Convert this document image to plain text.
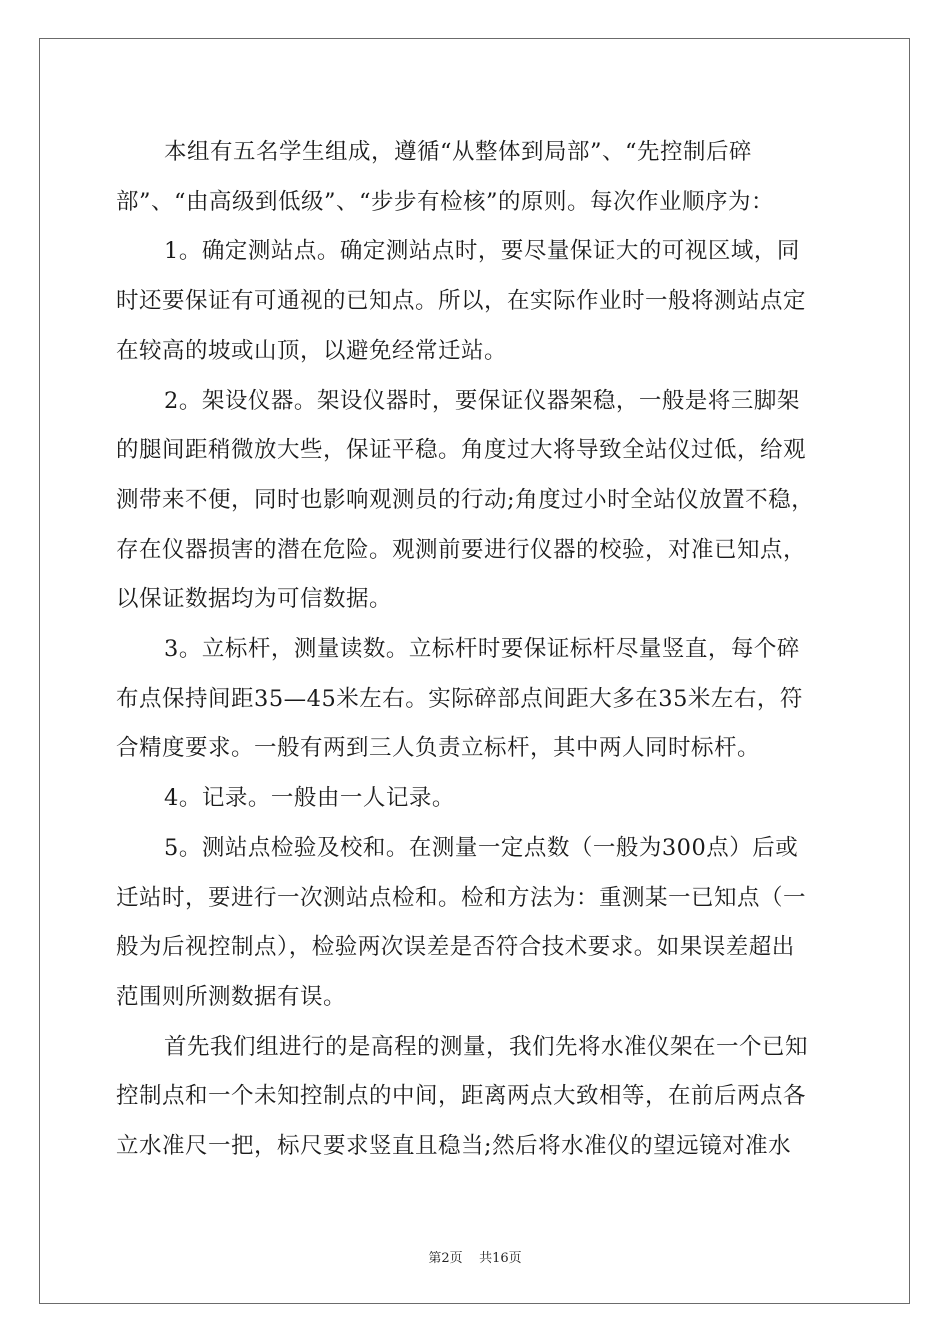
本组有五名学生组成，遵循“从整体到局部”、“先控制后碎
部”、“由高级到低级”、“步步有检核”的原则。每次作业顺序为：

1。确定测站点。确定测站点时，要尽量保证大的可视区域，同
时还要保证有可通视的已知点。所以，在实际作业时一般将测站点定
在较高的坡或山顶，以避免经常迁站。

2。架设仪器。架设仪器时，要保证仪器架稳，一般是将三脚架
的腿间距稍微放大些，保证平稳。角度过大将导致全站仪过低，给观
测带来不便，同时也影响观测员的行动;角度过小时全站仪放置不稳，
存在仪器损害的潜在危险。观测前要进行仪器的校验，对准已知点，
以保证数据均为可信数据。

3。立标杆，测量读数。立标杆时要保证标杆尽量竖直，每个碎
布点保持间距35—45米左右。实际碎部点间距大多在35米左右，符
合精度要求。一般有两到三人负责立标杆，其中两人同时标杆。

4。记录。一般由一人记录。

5。测站点检验及校和。在测量一定点数（一般为300点）后或
迁站时，要进行一次测站点检和。检和方法为：重测某一已知点（一
般为后视控制点），检验两次误差是否符合技术要求。如果误差超出
范围则所测数据有误。

首先我们组进行的是高程的测量，我们先将水准仪架在一个已知
控制点和一个未知控制点的中间，距离两点大致相等，在前后两点各
立水准尺一把，标尺要求竖直且稳当;然后将水准仪的望远镜对准水

第2页 共16页
